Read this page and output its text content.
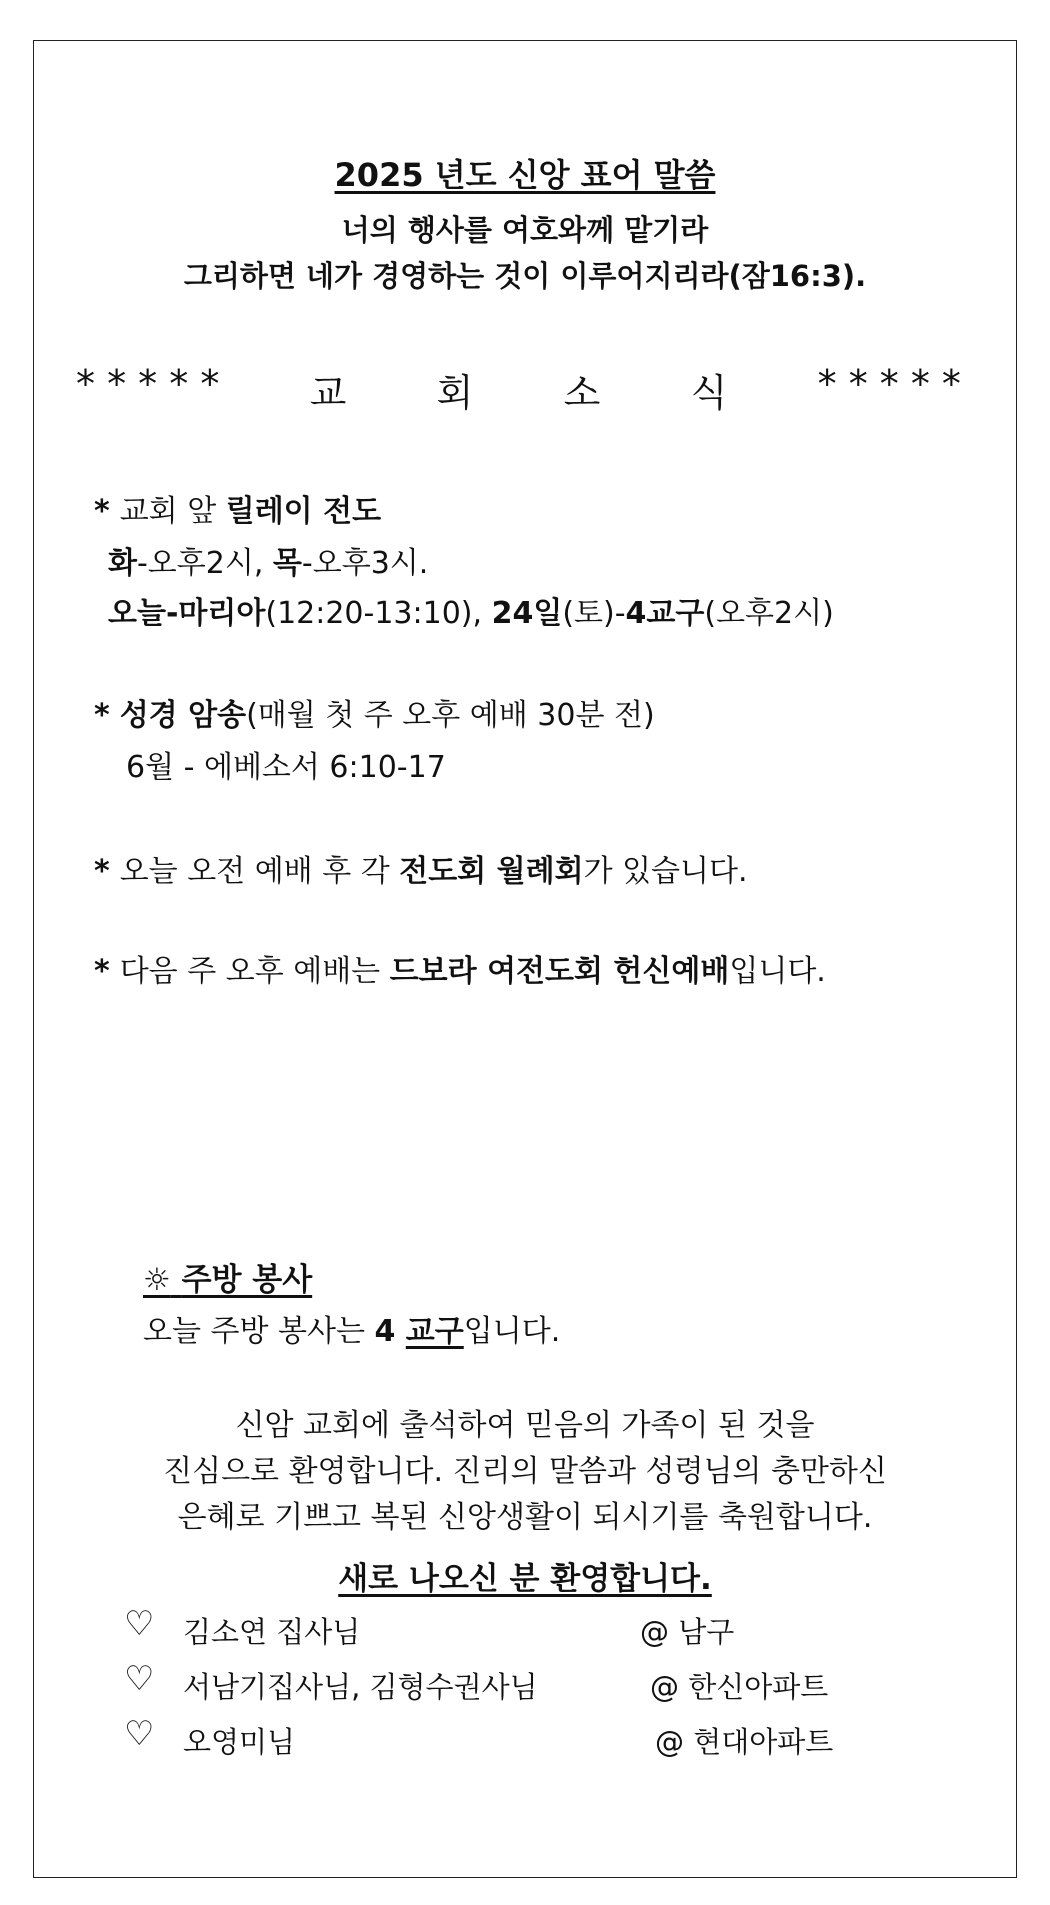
2025 년도 신앙 표어 말씀
너의 행사를 여호와께 맡기라
그리하면 네가 경영하는 것이 이루어지리라(잠16:3).
* * * * * 교 회 소 식 * * * * *
* 교회 앞 릴레이 전도
화-오후2시, 목-오후3시.
오늘-마리아(12:20-13:10), 24일(토)-4교구(오후2시)
* 성경 암송(매월 첫 주 오후 예배 30분 전)
6월 - 에베소서 6:10-17
* 오늘 오전 예배 후 각 전도회 월례회가 있습니다.
* 다음 주 오후 예배는 드보라 여전도회 헌신예배입니다.
☼ 주방 봉사
오늘 주방 봉사는 4 교구입니다.
신암 교회에 출석하여 믿음의 가족이 된 것을
진심으로 환영합니다. 진리의 말씀과 성령님의 충만하신
은혜로 기쁘고 복된 신앙생활이 되시기를 축원합니다.
새로 나오신 분 환영합니다.
♡ 김소연 집사님	@ 남구
♡ 서남기집사님, 김형수권사님	@ 한신아파트
♡ 오영미님	@ 현대아파트
